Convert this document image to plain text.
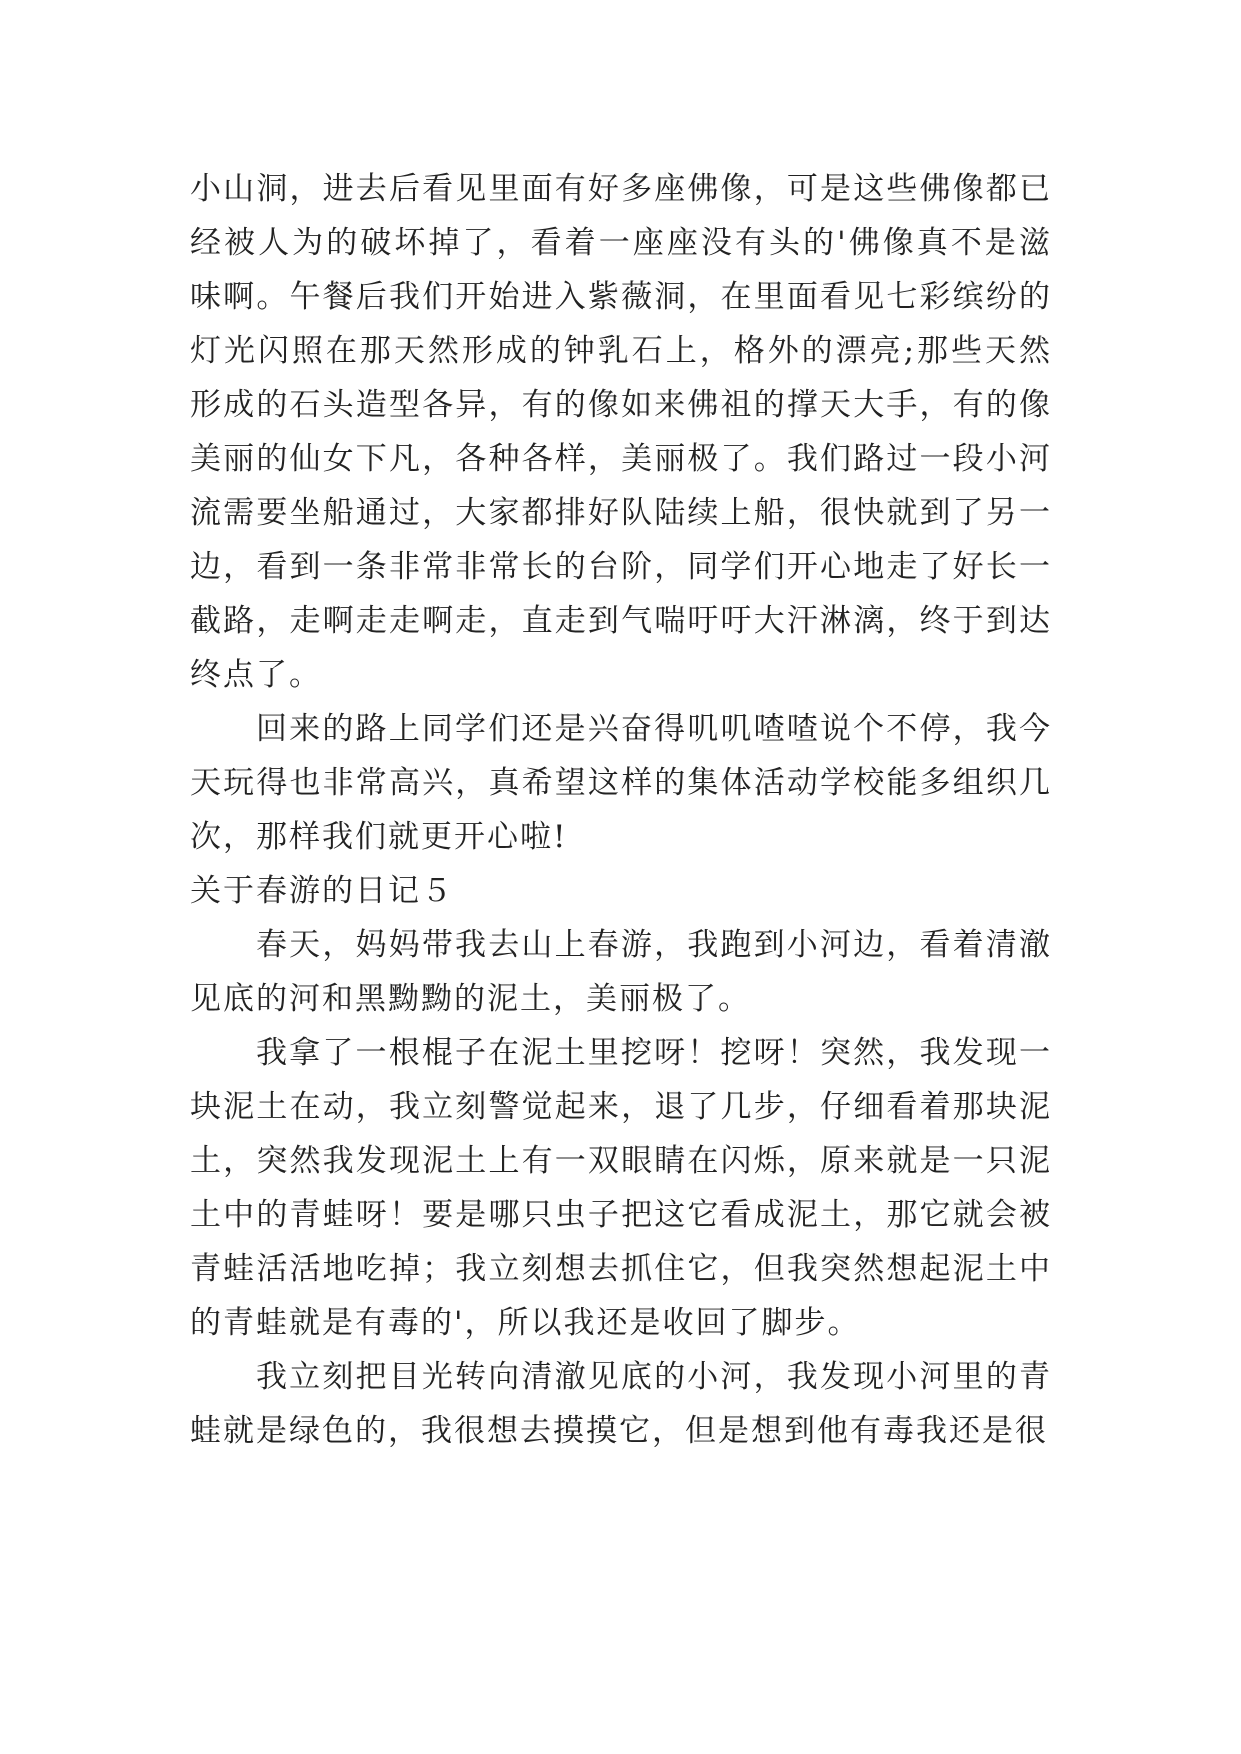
小山洞，进去后看见里面有好多座佛像，可是这些佛像都已经被人为的破坏掉了，看着一座座没有头的'佛像真不是滋味啊。午餐后我们开始进入紫薇洞，在里面看见七彩缤纷的灯光闪照在那天然形成的钟乳石上，格外的漂亮;那些天然形成的石头造型各异，有的像如来佛祖的撑天大手，有的像美丽的仙女下凡，各种各样，美丽极了。我们路过一段小河流需要坐船通过，大家都排好队陆续上船，很快就到了另一边，看到一条非常非常长的台阶，同学们开心地走了好长一截路，走啊走走啊走，直走到气喘吁吁大汗淋漓，终于到达终点了。

回来的路上同学们还是兴奋得叽叽喳喳说个不停，我今天玩得也非常高兴，真希望这样的集体活动学校能多组织几次，那样我们就更开心啦!

关于春游的日记５

春天，妈妈带我去山上春游，我跑到小河边，看着清澈见底的河和黑黝黝的泥土，美丽极了。

我拿了一根棍子在泥土里挖呀！挖呀！突然，我发现一块泥土在动，我立刻警觉起来，退了几步，仔细看着那块泥土，突然我发现泥土上有一双眼睛在闪烁，原来就是一只泥土中的青蛙呀！要是哪只虫子把这它看成泥土，那它就会被青蛙活活地吃掉；我立刻想去抓住它，但我突然想起泥土中的青蛙就是有毒的'，所以我还是收回了脚步。

我立刻把目光转向清澈见底的小河，我发现小河里的青蛙就是绿色的，我很想去摸摸它，但是想到他有毒我还是很
